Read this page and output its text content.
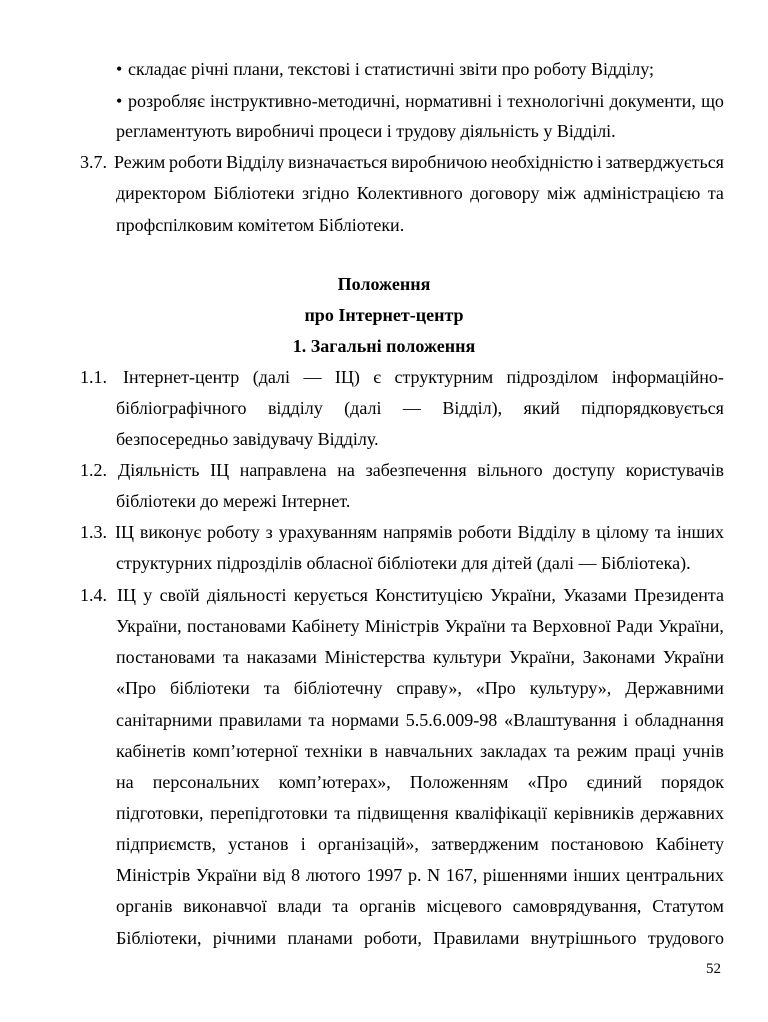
• складає річні плани, текстові і статистичні звіти про роботу Відділу;
• розробляє інструктивно-методичні, нормативні і технологічні документи, що
регламентують виробничі процеси і трудову діяльність у Відділі.
3.7. Режим роботи Відділу визначається виробничою необхідністю і затверджується
директором Бібліотеки згідно Колективного договору між адміністрацією та
профспілковим комітетом Бібліотеки.
Положення
про Інтернет-центр
1. Загальні положення
1.1. Інтернет-центр (далі — ІЦ) є структурним підрозділом інформаційно-
бібліографічного відділу (далі — Відділ), який підпорядковується
безпосередньо завідувачу Відділу.
1.2. Діяльність ІЦ направлена на забезпечення вільного доступу користувачів
бібліотеки до мережі Інтернет.
1.3. ІЦ виконує роботу з урахуванням напрямів роботи Відділу в цілому та інших
структурних підрозділів обласної бібліотеки для дітей (далі — Бібліотека).
1.4. ІЦ у своїй діяльності керується Конституцією України, Указами Президента
України, постановами Кабінету Міністрів України та Верховної Ради України,
постановами та наказами Міністерства культури України, Законами України
«Про бібліотеки та бібліотечну справу», «Про культуру», Державними
санітарними правилами та нормами 5.5.6.009-98 «Влаштування і обладнання
кабінетів комп’ютерної техніки в навчальних закладах та режим праці учнів
на персональних комп’ютерах», Положенням «Про єдиний порядок
підготовки, перепідготовки та підвищення кваліфікації керівників державних
підприємств, установ і організацій», затвердженим постановою Кабінету
Міністрів України від 8 лютого 1997 р. N 167, рішеннями інших центральних
органів виконавчої влади та органів місцевого самоврядування, Статутом
Бібліотеки, річними планами роботи, Правилами внутрішнього трудового
52
